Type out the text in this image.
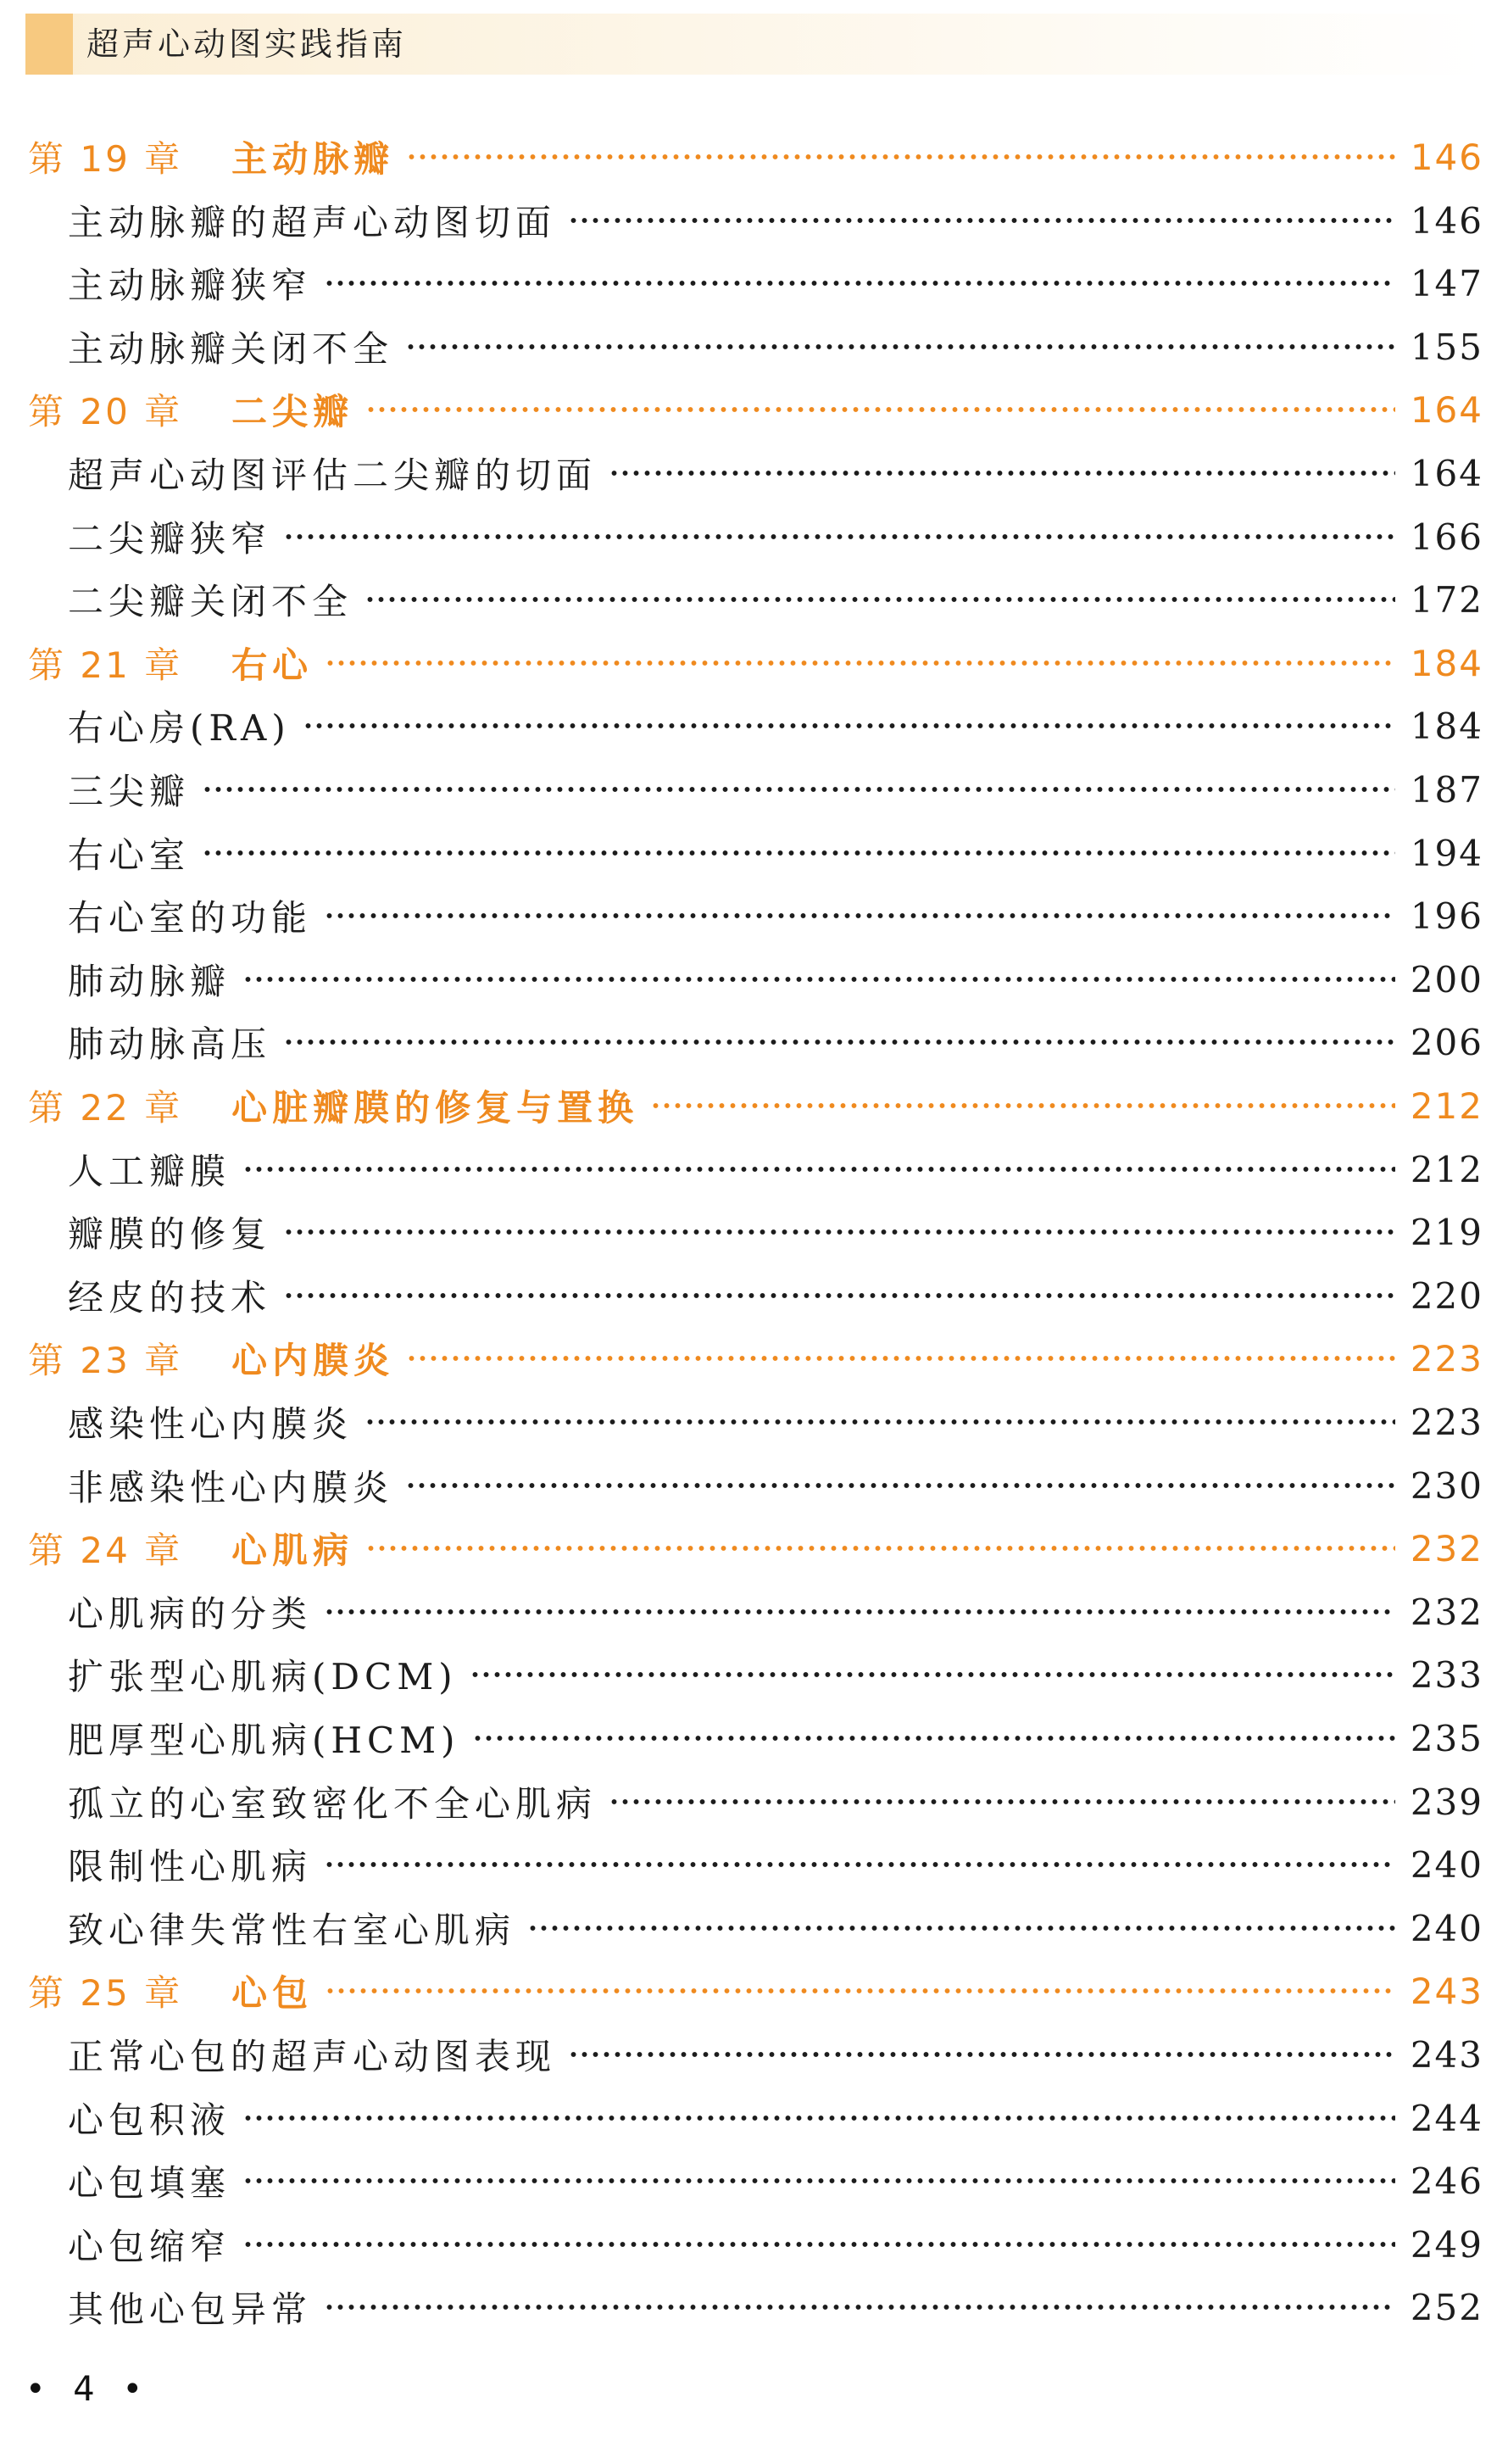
超声心动图实践指南
第 19 章 主动脉瓣	146
主动脉瓣的超声心动图切面	146
主动脉瓣狭窄	147
主动脉瓣关闭不全	155
第 20 章 二尖瓣	164
超声心动图评估二尖瓣的切面	164
二尖瓣狭窄	166
二尖瓣关闭不全	172
第 21 章 右心	184
右心房(RA)	184
三尖瓣	187
右心室	194
右心室的功能	196
肺动脉瓣	200
肺动脉高压	206
第 22 章 心脏瓣膜的修复与置换	212
人工瓣膜	212
瓣膜的修复	219
经皮的技术	220
第 23 章 心内膜炎	223
感染性心内膜炎	223
非感染性心内膜炎	230
第 24 章 心肌病	232
心肌病的分类	232
扩张型心肌病(DCM)	233
肥厚型心肌病(HCM)	235
孤立的心室致密化不全心肌病	239
限制性心肌病	240
致心律失常性右室心肌病	240
第 25 章 心包	243
正常心包的超声心动图表现	243
心包积液	244
心包填塞	246
心包缩窄	249
其他心包异常	252
• 4 •
